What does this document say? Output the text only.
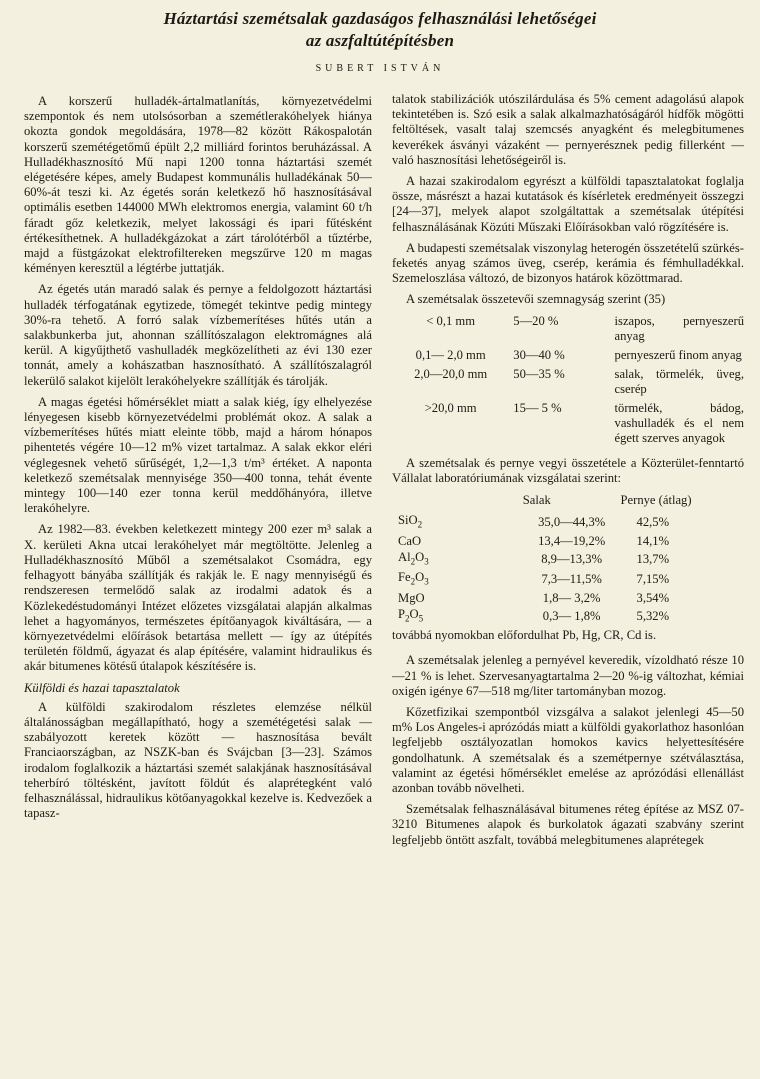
Háztartási szemétsalak gazdaságos felhasználási lehetőségei
az aszfaltútépítésben
SUBERT ISTVÁN

A korszerű hulladék-ártalmatlanítás, környezetvédelmi szempontok és nem utolsósorban a szemétlerakóhelyek hiánya okozta gondok megoldására, 1978—82 között Rákospalotán korszerű szemétégetőmű épült 2,2 milliárd forintos beruházással. A Hulladékhasznosító Mű napi 1200 tonna háztartási szemét elégetésére képes, amely Budapest kommunális hulladékának 50—60%-át teszi ki. Az égetés során keletkező hő hasznosításával optimális esetben 144000 MWh elektromos energia, valamint 60 t/h fáradt gőz keletkezik, melyet lakossági és ipari fűtésként értékesíthetnek. A hulladékgázokat a zárt tárolótérből a tűztérbe, majd a füstgázokat elektrofiltereken megszűrve 120 m magas kéményen keresztül a légtérbe juttatják.

Az égetés után maradó salak és pernye a feldolgozott háztartási hulladék térfogatának egytizede, tömegét tekintve pedig mintegy 30%-ra tehető. A forró salak vízbemerítéses hűtés után a salakbunkerba jut, ahonnan szállítószalagon elektromágnes alá kerül. A kigyűjthető vashulladék megközelítheti az évi 130 ezer tonnát, amely a kohászatban hasznosítható. A szállítószalagról lekerülő salakot kijelölt lerakóhelyekre szállítják és tárolják.

A magas égetési hőmérséklet miatt a salak kiég, így elhelyezése lényegesen kisebb környezetvédelmi problémát okoz. A salak a vízbemerítéses hűtés miatt eleinte több, majd a három hónapos pihentetés végére 10—12 m% vizet tartalmaz. A salak ekkor eléri véglegesnek vehető sűrűségét, 1,2—1,3 t/m³ értéket. A naponta keletkező szemétsalak mennyisége 350—400 tonna, tehát évente mintegy 100—140 ezer tonna kerül meddőhányóra, illetve lerakóhelyre.

Az 1982—83. években keletkezett mintegy 200 ezer m³ salak a X. kerületi Akna utcai lerakóhelyet már megtöltötte. Jelenleg a Hulladékhasznosító Műből a szemétsalakot Csomádra, egy felhagyott bányába szállítják és rakják le. E nagy mennyiségű és rendszeresen termelődő salak az irodalmi adatok és a Közlekedéstudományi Intézet előzetes vizsgálatai alapján alkalmas lehet a hagyományos, természetes építőanyagok kiváltására, — a környezetvédelmi előírások betartása mellett — így az útépítés területén földmű, ágyazat és alap építésére, valamint hidraulikus és akár bitumenes kötésű útalapok készítésére is.

Külföldi és hazai tapasztalatok

A külföldi szakirodalom részletes elemzése nélkül általánosságban megállapítható, hogy a szemétégetési salak — szabályozott keretek között — hasznosítása bevált Franciaországban, az NSZK-ban és Svájcban [3—23]. Számos irodalom foglalkozik a háztartási szemét salakjának hasznosításával teherbíró töltésként, javított földút és alaprétegként való felhasználással, hidraulikus kötőanyagokkal kezelve is. Kedvezőek a tapasz-

talatok stabilizációk utószilárdulása és 5% cement adagolású alapok tekintetében is. Szó esik a salak alkalmazhatóságáról hídfők mögötti feltöltések, vasalt talaj szemcsés anyagként és melegbitumenes keverékek ásványi vázaként — pernyerésznek pedig fillerként — való hasznosítási lehetőségeiről is.

A hazai szakirodalom egyrészt a külföldi tapasztalatokat foglalja össze, másrészt a hazai kutatások és kísérletek eredményeit összegzi [24—37], melyek alapot szolgáltattak a szemétsalak útépítési felhasználásának Közúti Műszaki Előírásokban való rögzítésére is.

A budapesti szemétsalak viszonylag heterogén összetételű szürkés-feketés anyag számos üveg, cserép, kerámia és fémhulladékkal. Szemeloszlása változó, de bizonyos határok közöttmarad.

A szemétsalak összetevői szemnagyság szerint (35)

< 0,1 mm	5—20 %	iszapos, pernyeszerű anyag
0,1— 2,0 mm	30—40 %	pernyeszerű finom anyag
2,0—20,0 mm	50—35 %	salak, törmelék, üveg, cserép
>20,0 mm	15— 5 %	törmelék, bádog, vashulladék és el nem égett szerves anyagok

A szemétsalak és pernye vegyi összetétele a Közterület-fenntartó Vállalat laboratóriumának vizsgálatai szerint:

	Salak	Pernye (átlag)
SiO$_2$	35,0—44,3%	42,5%
CaO	13,4—19,2%	14,1%
$Al_2O_3$	8,9—13,3%	13,7%
$Fe_2O_3$	7,3—11,5%	7,15%
MgO	1,8— 3,2%	3,54%
$P_2O_5$	0,3— 1,8%	5,32%

továbbá nyomokban előfordulhat Pb, Hg, CR, Cd is.

A szemétsalak jelenleg a pernyével keveredik, vízoldható része 10—21 % is lehet. Szervesanyagtartalma 2—20 %-ig változhat, kémiai oxigén igénye 67—518 mg/liter tartományban mozog.

Kőzetfizikai szempontból vizsgálva a salakot jelenlegi 45—50 m% Los Angeles-i aprózódás miatt a külföldi gyakorlathoz hasonlóan legfeljebb osztályozatlan homokos kavics helyettesítésére gondolhatunk. A szemétsalak és a szemétpernye szétválasztása, valamint az égetési hőmérséklet emelése az aprózódási ellenállást azonban tovább növelheti.

Szemétsalak felhasználásával bitumenes réteg építése az MSZ 07-3210 Bitumenes alapok és burkolatok ágazati szabvány szerint legfeljebb öntött aszfalt, továbbá melegbitumenes alaprétegek
